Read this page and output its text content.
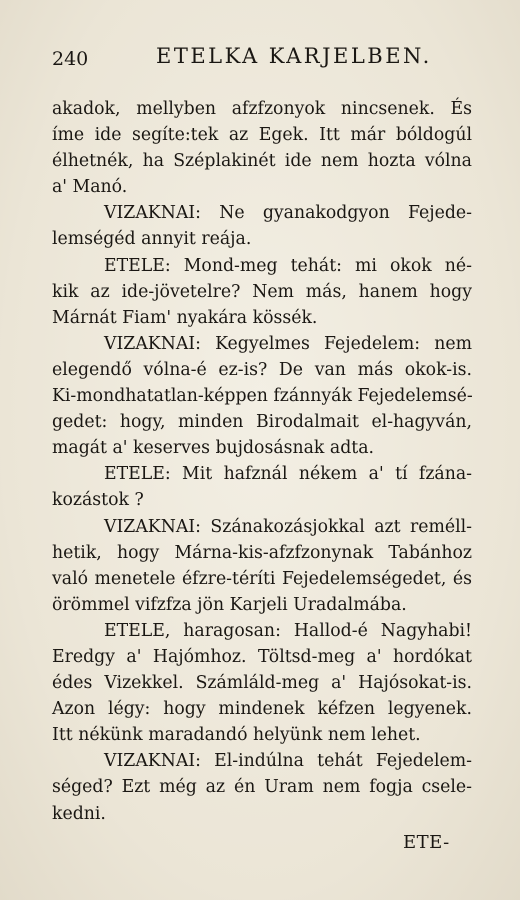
240	ETELKA KARJELBEN.
akadok, mellyben afzfzonyok nincsenek. És
íme ide segíte:tek az Egek. Itt már bóldogúl
élhetnék, ha Széplakinét ide nem hozta vólna
a' Manó.
VIZAKNAI: Ne gyanakodgyon Fejede-
lemségéd annyit reája.
ETELE: Mond-meg tehát: mi okok né-
kik az ide-jövetelre? Nem más, hanem hogy
Márnát Fiam' nyakára kössék.
VIZAKNAI: Kegyelmes Fejedelem: nem
elegendő vólna-é ez-is? De van más okok-is.
Ki-mondhatatlan-képpen fzánnyák Fejedelemsé-
gedet: hogy, minden Birodalmait el-hagyván,
magát a' keserves bujdosásnak adta.
ETELE: Mit hafznál nékem a' tí fzána-
kozástok ?
VIZAKNAI: Szánakozásjokkal azt reméll-
hetik, hogy Márna-kis-afzfzonynak Tabánhoz
való menetele éfzre-téríti Fejedelemségedet, és
örömmel vifzfza jön Karjeli Uradalmába.
ETELE, haragosan: Hallod-é Nagyhabi!
Eredgy a' Hajómhoz. Töltsd-meg a' hordókat
édes Vizekkel. Számláld-meg a' Hajósokat-is.
Azon légy: hogy mindenek kéfzen legyenek.
Itt nékünk maradandó helyünk nem lehet.
VIZAKNAI: El-indúlna tehát Fejedelem-
séged? Ezt még az én Uram nem fogja csele-
kedni.
ETE-
